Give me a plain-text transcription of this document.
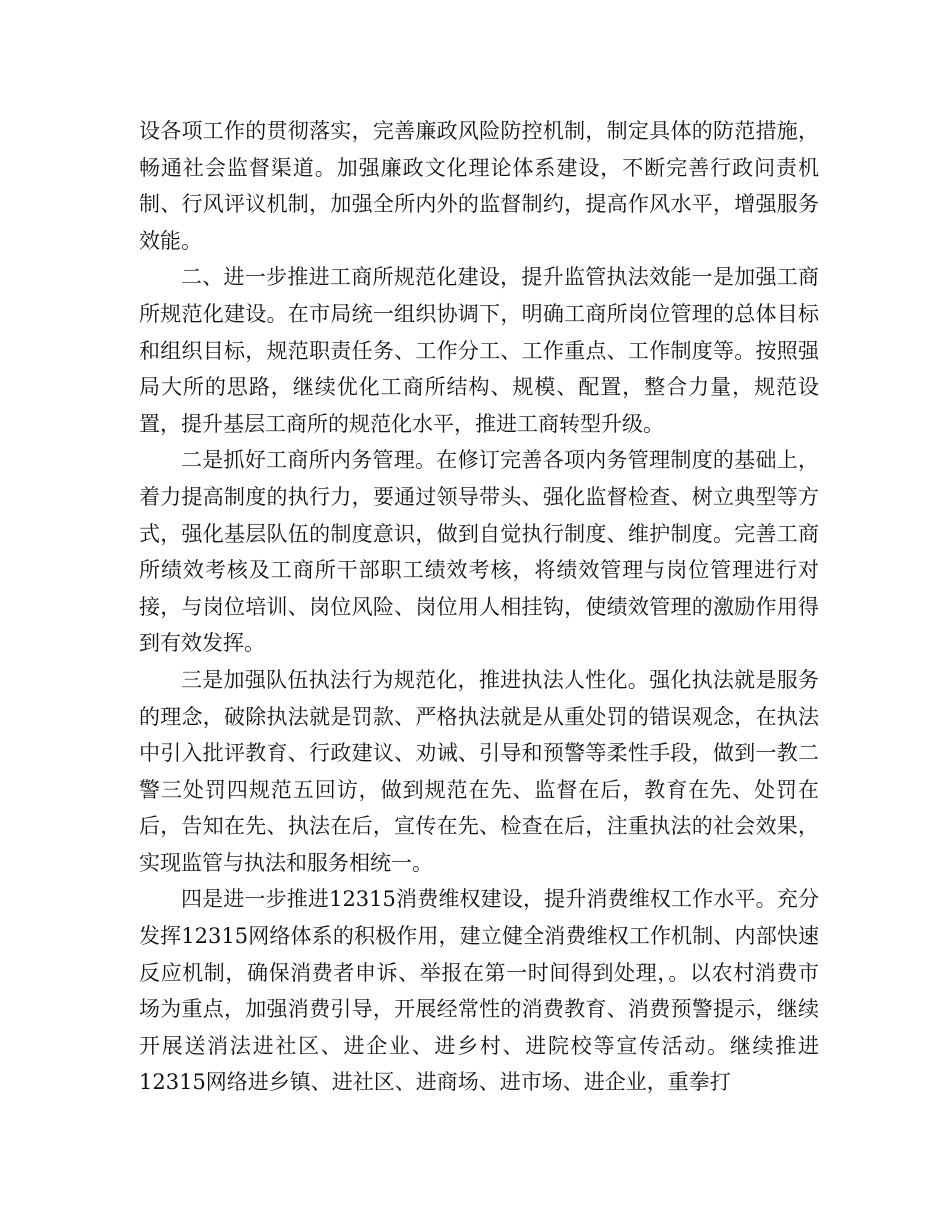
设各项工作的贯彻落实，完善廉政风险防控机制，制定具体的防范措施，畅通社会监督渠道。加强廉政文化理论体系建设，不断完善行政问责机制、行风评议机制，加强全所内外的监督制约，提高作风水平，增强服务效能。

二、进一步推进工商所规范化建设，提升监管执法效能一是加强工商所规范化建设。在市局统一组织协调下，明确工商所岗位管理的总体目标和组织目标，规范职责任务、工作分工、工作重点、工作制度等。按照强局大所的思路，继续优化工商所结构、规模、配置，整合力量，规范设置，提升基层工商所的规范化水平，推进工商转型升级。

二是抓好工商所内务管理。在修订完善各项内务管理制度的基础上，着力提高制度的执行力，要通过领导带头、强化监督检查、树立典型等方式，强化基层队伍的制度意识，做到自觉执行制度、维护制度。完善工商所绩效考核及工商所干部职工绩效考核，将绩效管理与岗位管理进行对接，与岗位培训、岗位风险、岗位用人相挂钩，使绩效管理的激励作用得到有效发挥。

三是加强队伍执法行为规范化，推进执法人性化。强化执法就是服务的理念，破除执法就是罚款、严格执法就是从重处罚的错误观念，在执法中引入批评教育、行政建议、劝诫、引导和预警等柔性手段，做到一教二警三处罚四规范五回访，做到规范在先、监督在后，教育在先、处罚在后，告知在先、执法在后，宣传在先、检查在后，注重执法的社会效果，实现监管与执法和服务相统一。

四是进一步推进12315消费维权建设，提升消费维权工作水平。充分发挥12315网络体系的积极作用，建立健全消费维权工作机制、内部快速反应机制，确保消费者申诉、举报在第一时间得到处理，。以农村消费市场为重点，加强消费引导，开展经常性的消费教育、消费预警提示，继续开展送消法进社区、进企业、进乡村、进院校等宣传活动。继续推进12315网络进乡镇、进社区、进商场、进市场、进企业，重拳打
